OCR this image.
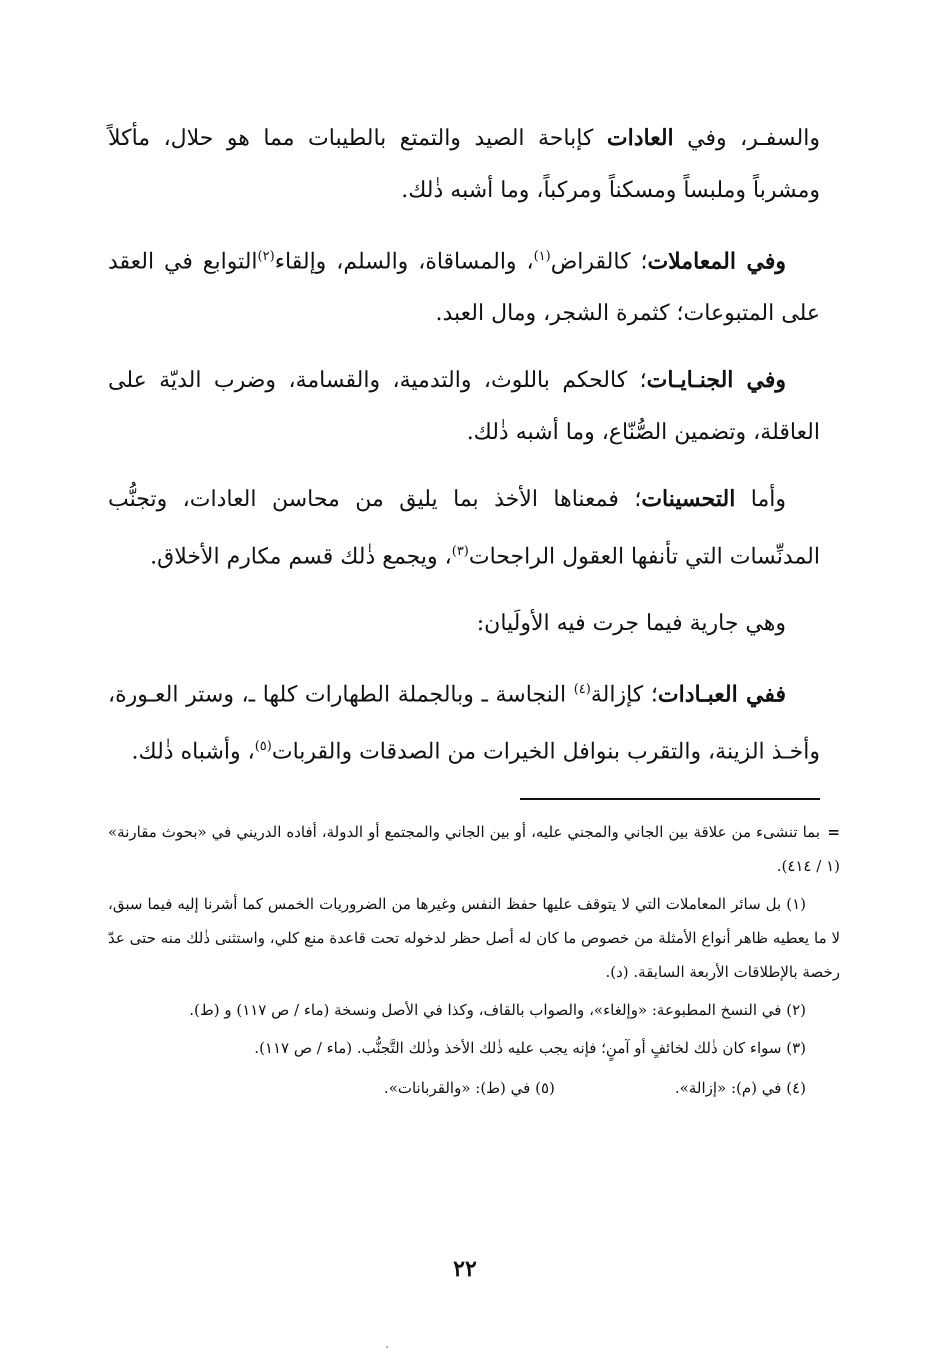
والسفـر، وفي العادات كإباحة الصيد والتمتع بالطيبات مما هو حلال، مأكلاً ومشرباً وملبساً ومسكناً ومركباً، وما أشبه ذٰلك.

وفي المعاملات؛ كالقراض$^{(١)}$، والمساقاة، والسلم، وإلقاء$^{(٢)}$التوابع في العقد على المتبوعات؛ كثمرة الشجر، ومال العبد.

وفي الجنـايـات؛ كالحكم باللوث، والتدمية، والقسامة، وضرب الديّة على العاقلة، وتضمين الصُّنّاع، وما أشبه ذٰلك.

وأما التحسينات؛ فمعناها الأخذ بما يليق من محاسن العادات، وتجنُّب المدنِّسات التي تأنفها العقول الراجحات$^{(٣)}$، ويجمع ذٰلك قسم مكارم الأخلاق.

وهي جارية فيما جرت فيه الأولَيان:

ففي العبـادات؛ كإزالة$^{(٤)}$ النجاسة ـ وبالجملة الطهارات كلها ـ، وستر العـورة، وأخـذ الزينة، والتقرب بنوافل الخيرات من الصدقات والقربات$^{(٥)}$، وأشباه ذٰلك.

=بما تنشىء من علاقة بين الجاني والمجني عليه، أو بين الجاني والمجتمع أو الدولة، أفاده الدريني في «بحوث مقارنة» (١ / ٤١٤).

(١) بل سائر المعاملات التي لا يتوقف عليها حفظ النفس وغيرها من الضروريات الخمس كما أشرنا إليه فيما سبق، لا ما يعطيه ظاهر أنواع الأمثلة من خصوص ما كان له أصل حظر لدخوله تحت قاعدة منع كلي، واستثنى ذٰلك منه حتى عدّ رخصة بالإطلاقات الأربعة السابقة. (د).

(٢) في النسخ المطبوعة: «وإلغاء»، والصواب بالقاف، وكذا في الأصل ونسخة (ماء / ص ١١٧) و (ط).

(٣) سواء كان ذٰلك لخائفٍ أو آمنٍ؛ فإنه يجب عليه ذٰلك الأخذ وذٰلك التَّجنُّب. (ماء / ص ١١٧).

(٤) في (م): «إزالة».
(٥) في (ط): «والقربانات».
٢٢
